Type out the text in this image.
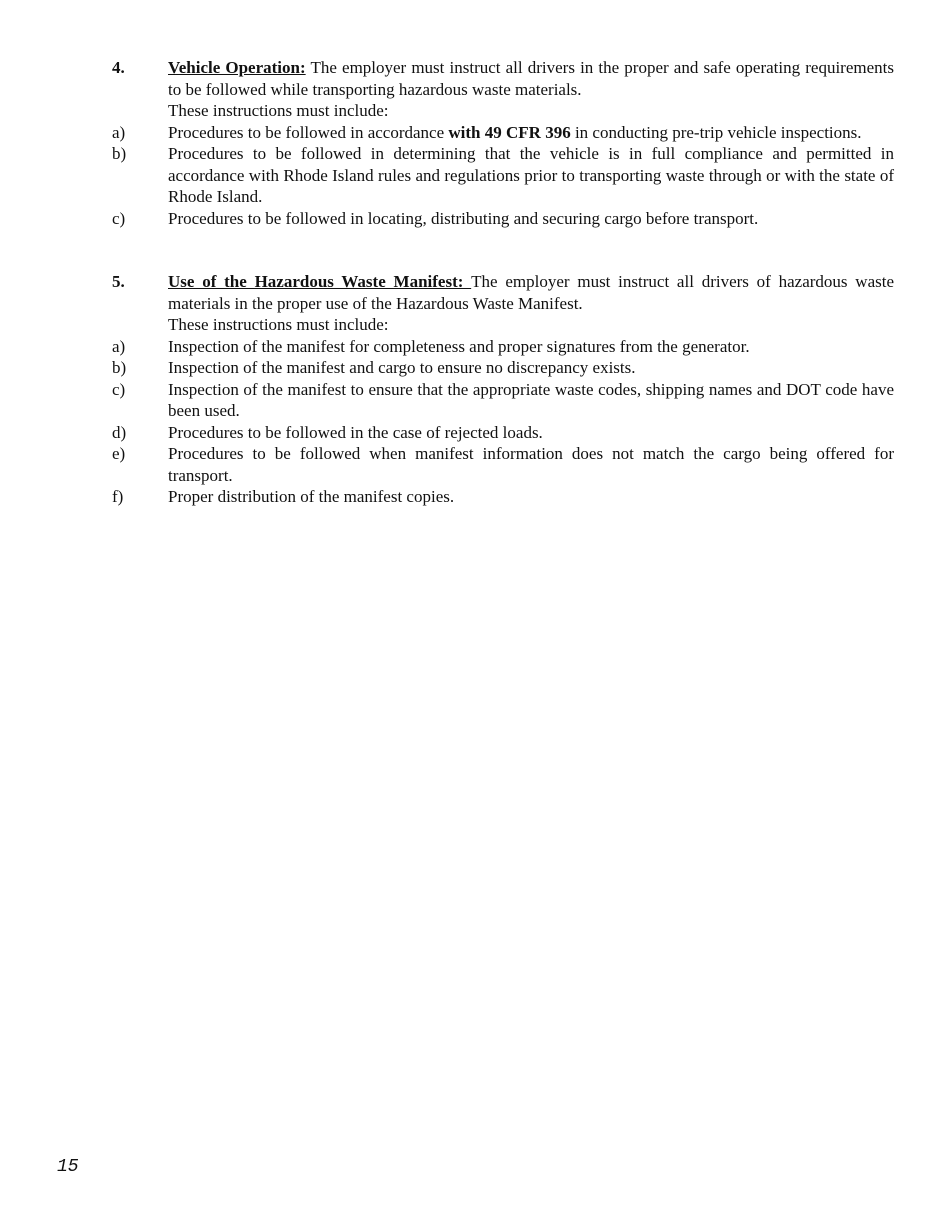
4.	Vehicle Operation: The employer must instruct all drivers in the proper and safe operating requirements to be followed while transporting hazardous waste materials.
These instructions must include:
a)	Procedures to be followed in accordance with 49 CFR 396 in conducting pre-trip vehicle inspections.
b)	Procedures to be followed in determining that the vehicle is in full compliance and permitted in accordance with Rhode Island rules and regulations prior to transporting waste through or with the state of Rhode Island.
c)	Procedures to be followed in locating, distributing and securing cargo before transport.
5.	Use of the Hazardous Waste Manifest: The employer must instruct all drivers of hazardous waste materials in the proper use of the Hazardous Waste Manifest.
These instructions must include:
a)	Inspection of the manifest for completeness and proper signatures from the generator.
b)	Inspection of the manifest and cargo to ensure no discrepancy exists.
c)	Inspection of the manifest to ensure that the appropriate waste codes, shipping names and DOT code have been used.
d)	Procedures to be followed in the case of rejected loads.
e)	Procedures to be followed when manifest information does not match the cargo being offered for transport.
f)	Proper distribution of the manifest copies.
15
